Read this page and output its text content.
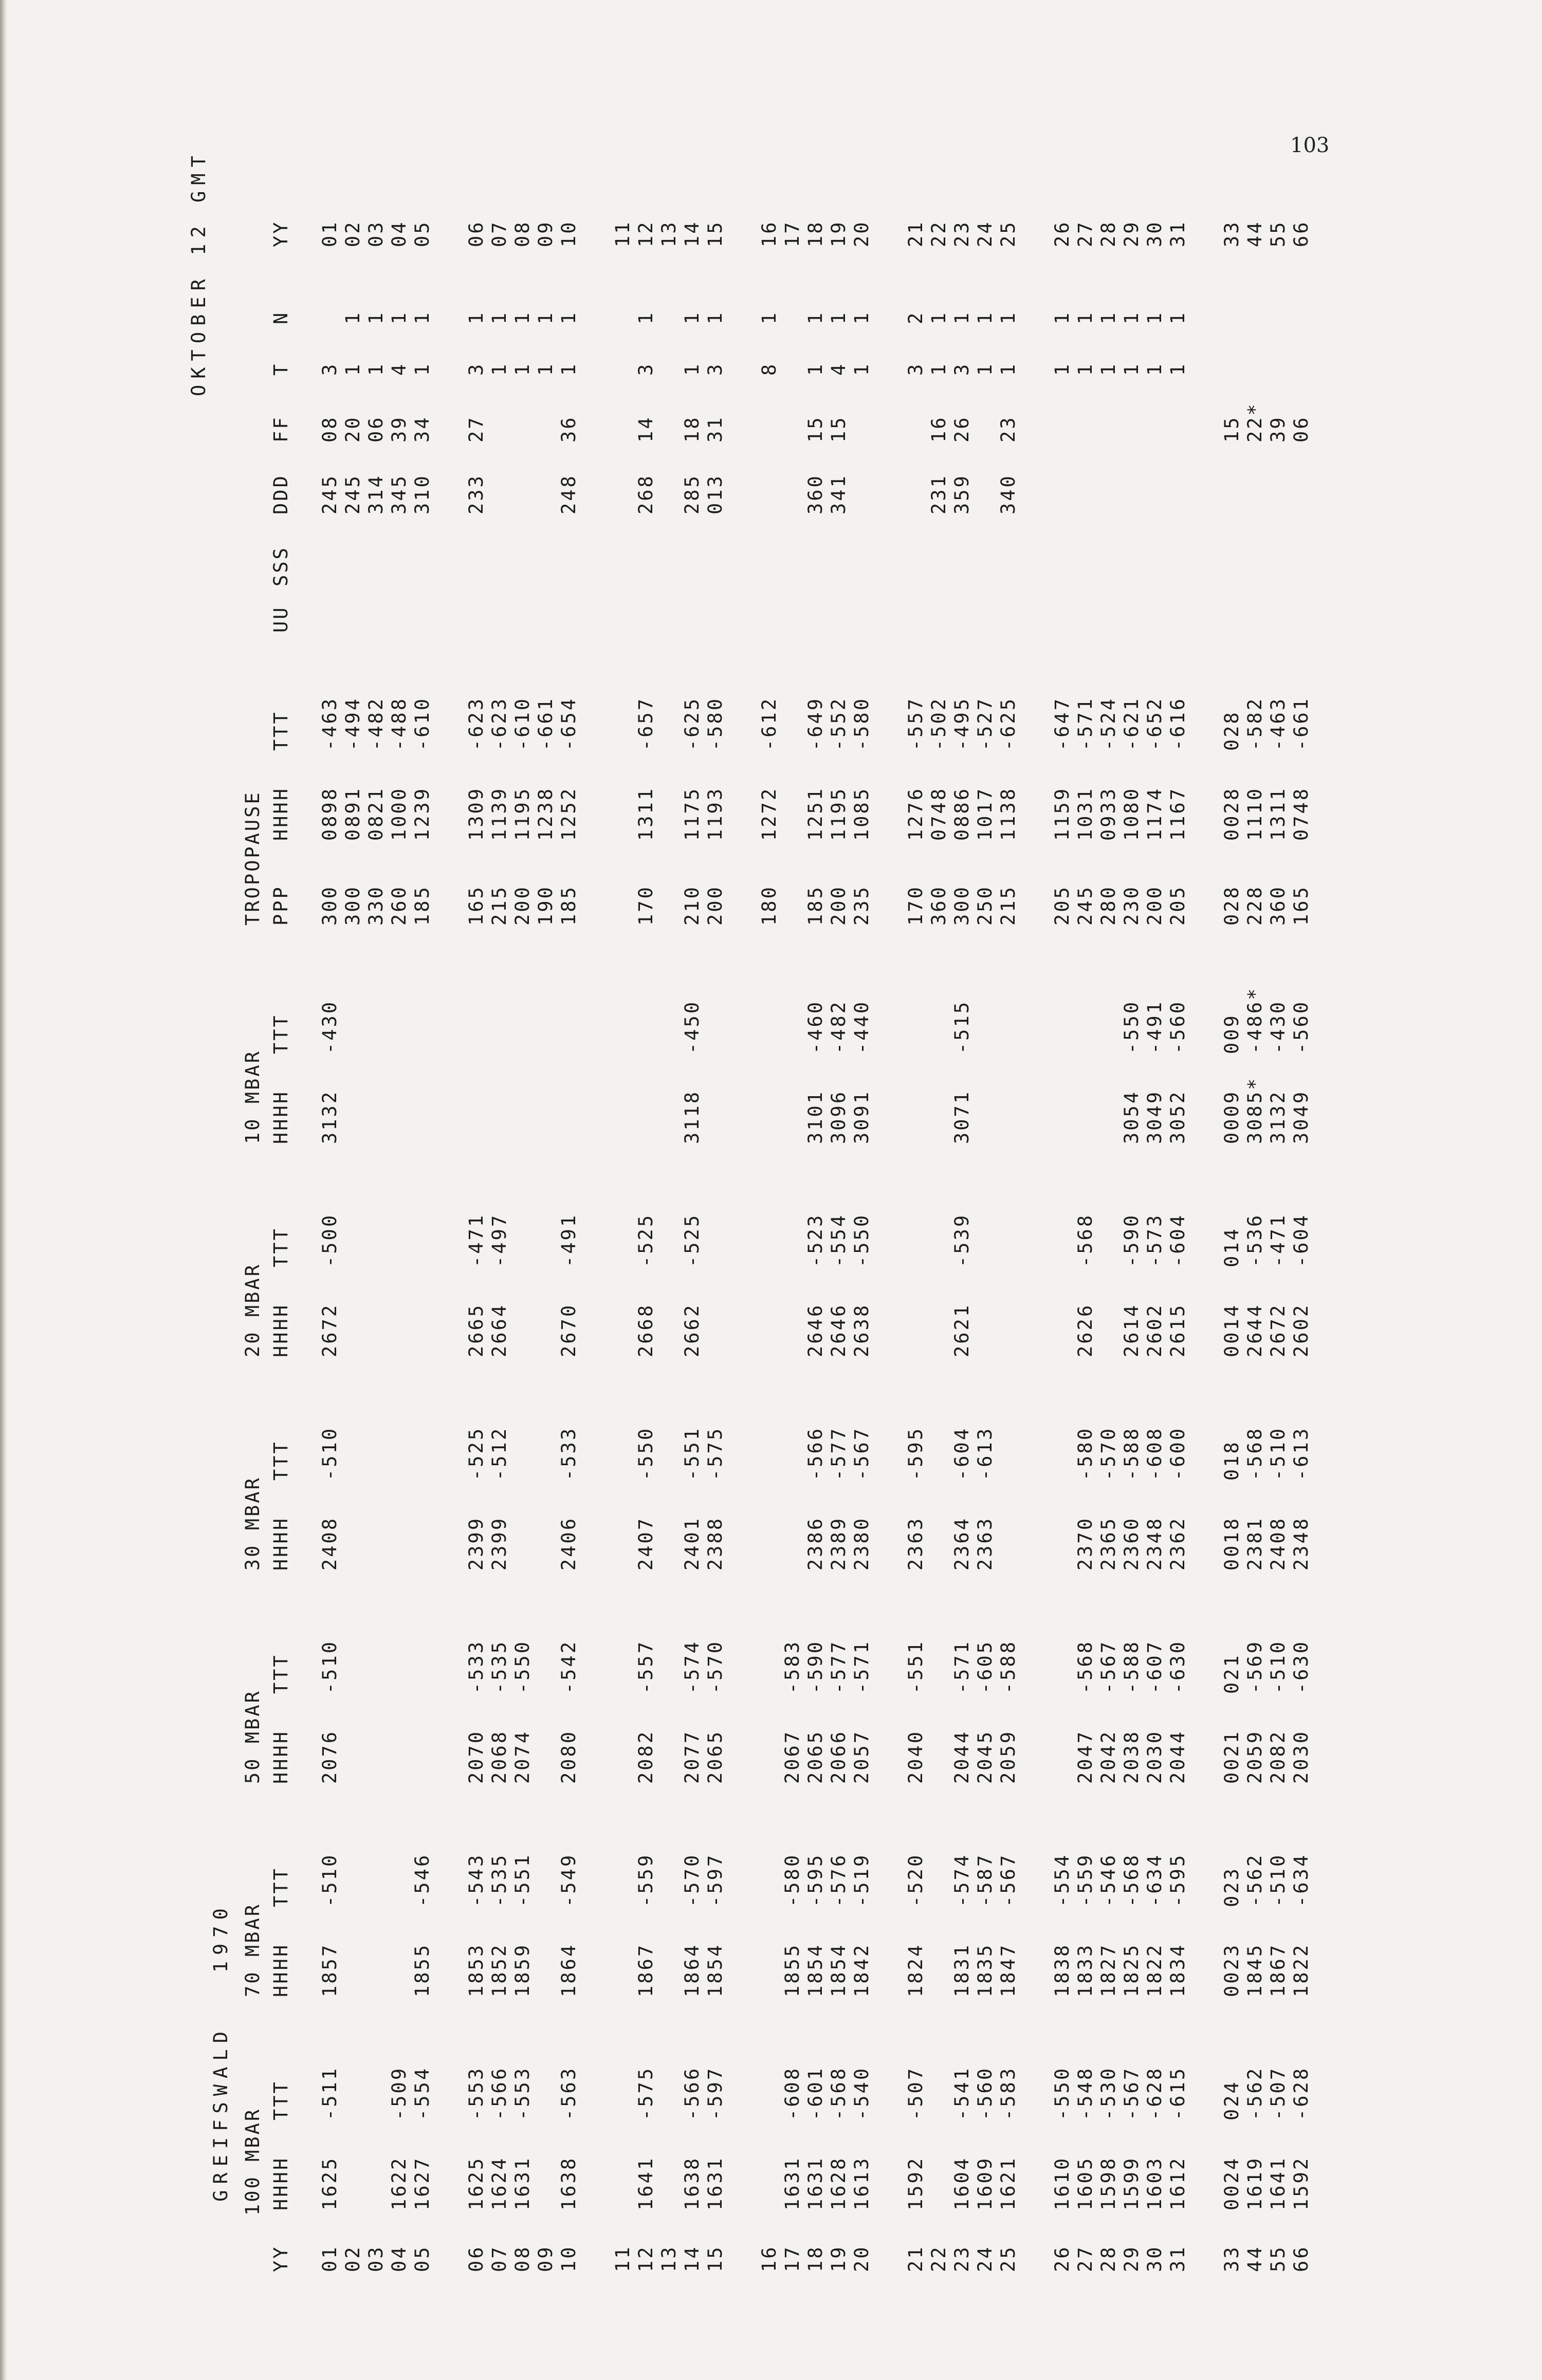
103

GREIFSWALD   1970

OKTOBER 12 GMT
100 MBAR
70 MBAR
50 MBAR
30 MBAR
20 MBAR
10 MBAR
TROPOPAUSE
YY
HHHH
TTT
HHHH
TTT
HHHH
TTT
HHHH
TTT
HHHH
TTT
HHHH
TTT
PPP
HHHH
TTT
UU
SSS
DDD
FF
T
N
YY
01
1625
-511
1857
-510
2076
-510
2408
-510
2672
-500
3132
-430
300
0898
-463
245
08
3
01
02
300
0891
-494
245
20
1
1
02
03
330
0821
-482
314
06
1
1
03
04
1622
-509
260
1000
-488
345
39
4
1
04
05
1627
-554
1855
-546
185
1239
-610
310
34
1
1
05
06
1625
-553
1853
-543
2070
-533
2399
-525
2665
-471
165
1309
-623
233
27
3
1
06
07
1624
-566
1852
-535
2068
-535
2399
-512
2664
-497
215
1139
-623
1
1
07
08
1631
-553
1859
-551
2074
-550
200
1195
-610
1
1
08
09
190
1238
-661
1
1
09
10
1638
-563
1864
-549
2080
-542
2406
-533
2670
-491
185
1252
-654
248
36
1
1
10
11
11
12
1641
-575
1867
-559
2082
-557
2407
-550
2668
-525
170
1311
-657
268
14
3
1
12
13
13
14
1638
-566
1864
-570
2077
-574
2401
-551
2662
-525
3118
-450
210
1175
-625
285
18
1
1
14
15
1631
-597
1854
-597
2065
-570
2388
-575
200
1193
-580
013
31
3
1
15
16
180
1272
-612
8
1
16
17
1631
-608
1855
-580
2067
-583
17
18
1631
-601
1854
-595
2065
-590
2386
-566
2646
-523
3101
-460
185
1251
-649
360
15
1
1
18
19
1628
-568
1854
-576
2066
-577
2389
-577
2646
-554
3096
-482
200
1195
-552
341
15
4
1
19
20
1613
-540
1842
-519
2057
-571
2380
-567
2638
-550
3091
-440
235
1085
-580
1
1
20
21
1592
-507
1824
-520
2040
-551
2363
-595
170
1276
-557
3
2
21
22
360
0748
-502
231
16
1
1
22
23
1604
-541
1831
-574
2044
-571
2364
-604
2621
-539
3071
-515
300
0886
-495
359
26
3
1
23
24
1609
-560
1835
-587
2045
-605
2363
-613
250
1017
-527
1
1
24
25
1621
-583
1847
-567
2059
-588
215
1138
-625
340
23
1
1
25
26
1610
-550
1838
-554
205
1159
-647
1
1
26
27
1605
-548
1833
-559
2047
-568
2370
-580
2626
-568
245
1031
-571
1
1
27
28
1598
-530
1827
-546
2042
-567
2365
-570
280
0933
-524
1
1
28
29
1599
-567
1825
-568
2038
-588
2360
-588
2614
-590
3054
-550
230
1080
-621
1
1
29
30
1603
-628
1822
-634
2030
-607
2348
-608
2602
-573
3049
-491
200
1174
-652
1
1
30
31
1612
-615
1834
-595
2044
-630
2362
-600
2615
-604
3052
-560
205
1167
-616
1
1
31
33
0024
024
0023
023
0021
021
0018
018
0014
014
0009
009
028
0028
028
15
33
44
1619
-562
1845
-562
2059
-569
2381
-568
2644
-536
3085*
-486*
228
1110
-582
22*
44
55
1641
-507
1867
-510
2082
-510
2408
-510
2672
-471
3132
-430
360
1311
-463
39
55
66
1592
-628
1822
-634
2030
-630
2348
-613
2602
-604
3049
-560
165
0748
-661
06
66
